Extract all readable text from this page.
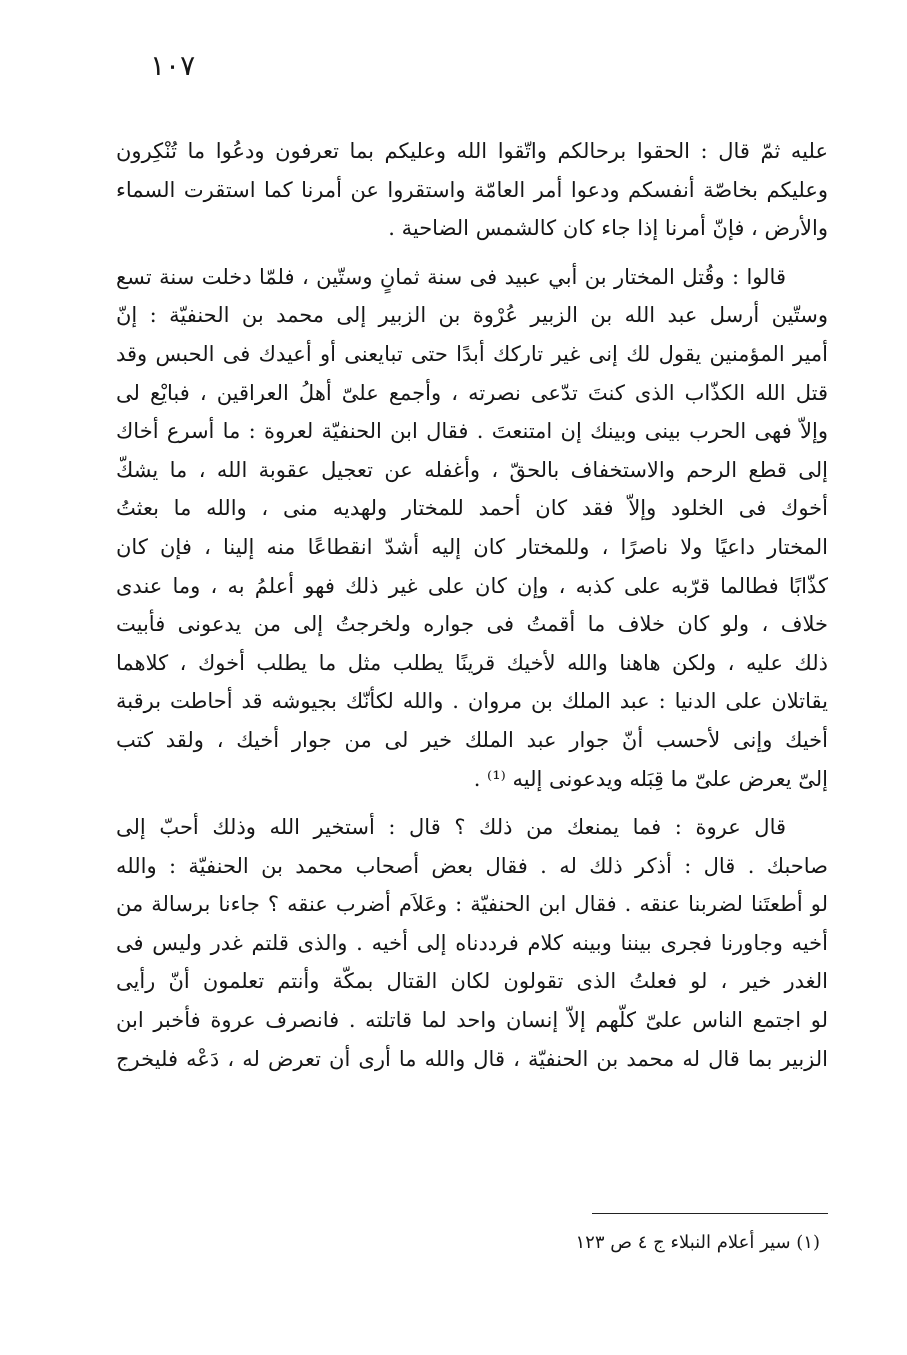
١٠٧
عليه ثمّ قال : الحقوا برحالكم واتّقوا الله وعليكم بما تعرفون ودعُوا ما تُنْكِرون
وعليكم بخاصّة أنفسكم ودعوا أمر العامّة واستقروا عن أمرنا كما استقرت السماء
والأرض ، فإنّ أمرنا إذا جاء كان كالشمس الضاحية .
قالوا : وقُتل المختار بن أبي عبيد فى سنة ثمانٍ وستّين ، فلمّا دخلت سنة تسع
وستّين أرسل عبد الله بن الزبير عُرْوة بن الزبير إلى محمد بن الحنفيّة : إنّ
أمير المؤمنين يقول لك إنى غير تاركك أبدًا حتى تبايعنى أو أعيدك فى الحبس وقد
قتل الله الكذّاب الذى كنتَ تدّعى نصرته ، وأجمع علىّ أهلُ العراقين ، فبايْع لى
وإلاّ فهى الحرب بينى وبينك إن امتنعتَ . فقال ابن الحنفيّة لعروة : ما أسرع أخاك
إلى قطع الرحم والاستخفاف بالحقّ ، وأغفله عن تعجيل عقوبة الله ، ما يشكّ
أخوك فى الخلود وإلاّ فقد كان أحمد للمختار ولهديه منى ، والله ما بعثتُ
المختار داعيًا ولا ناصرًا ، وللمختار كان إليه أشدّ انقطاعًا منه إلينا ، فإن كان
كذّابًا فطالما قرّبه على كذبه ، وإن كان على غير ذلك فهو أعلمُ به ، وما عندى
خلاف ، ولو كان خلاف ما أقمتُ فى جواره ولخرجتُ إلى من يدعونى فأبيت
ذلك عليه ، ولكن هاهنا والله لأخيك قرينًا يطلب مثل ما يطلب أخوك ، كلاهما
يقاتلان على الدنيا : عبد الملك بن مروان . والله لكأنّك بجيوشه قد أحاطت برقبة
أخيك وإنى لأحسب أنّ جوار عبد الملك خير لى من جوار أخيك ، ولقد كتب
إلىّ يعرض علىّ ما قِبَله ويدعونى إليه ⁽¹⁾ .
قال عروة : فما يمنعك من ذلك ؟ قال : أستخير الله وذلك أحبّ إلى
صاحبك . قال : أذكر ذلك له . فقال بعض أصحاب محمد بن الحنفيّة : والله
لو أطعتَنا لضربنا عنقه . فقال ابن الحنفيّة : وعَلاَم أضرب عنقه ؟ جاءنا برسالة من
أخيه وجاورنا فجرى بيننا وبينه كلام فرددناه إلى أخيه . والذى قلتم غدر وليس فى
الغدر خير ، لو فعلتُ الذى تقولون لكان القتال بمكّة وأنتم تعلمون أنّ رأيى
لو اجتمع الناس علىّ كلّهم إلاّ إنسان واحد لما قاتلته . فانصرف عروة فأخبر ابن
الزبير بما قال له محمد بن الحنفيّة ، قال والله ما أرى أن تعرض له ، دَعْه فليخرج
(١) سير أعلام النبلاء ج ٤ ص ١٢٣
